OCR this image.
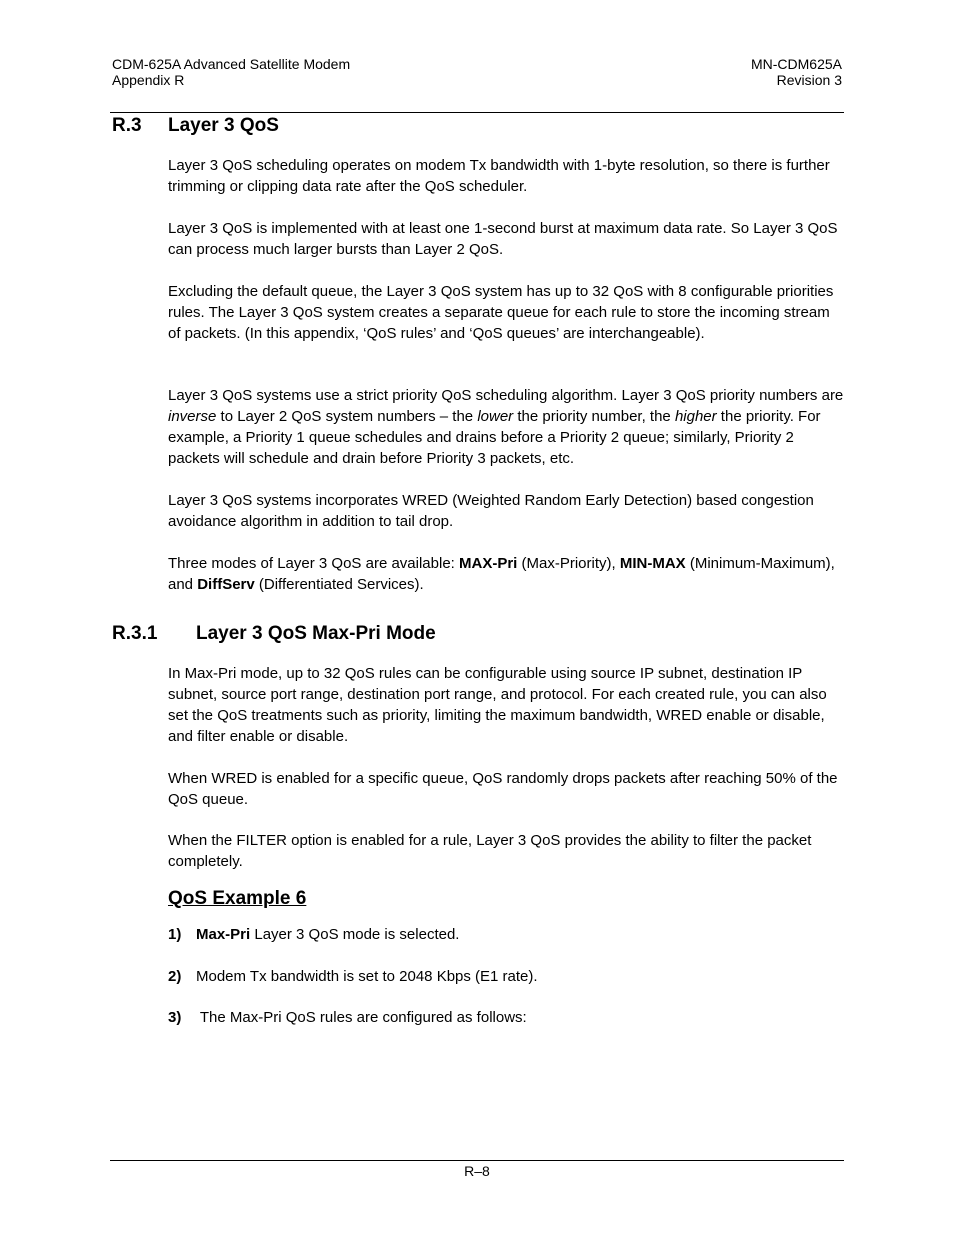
CDM-625A Advanced Satellite Modem
Appendix R
MN-CDM625A
Revision 3
R.3 Layer 3 QoS

Layer 3 QoS scheduling operates on modem Tx bandwidth with 1-byte resolution, so there is further trimming or clipping data rate after the QoS scheduler.

Layer 3 QoS is implemented with at least one 1-second burst at maximum data rate. So Layer 3 QoS can process much larger bursts than Layer 2 QoS.

Excluding the default queue, the Layer 3 QoS system has up to 32 QoS with 8 configurable priorities rules. The Layer 3 QoS system creates a separate queue for each rule to store the incoming stream of packets. (In this appendix, ‘QoS rules’ and ‘QoS queues’ are interchangeable).

Layer 3 QoS systems use a strict priority QoS scheduling algorithm. Layer 3 QoS priority numbers are inverse to Layer 2 QoS system numbers – the lower the priority number, the higher the priority. For example, a Priority 1 queue schedules and drains before a Priority 2 queue; similarly, Priority 2 packets will schedule and drain before Priority 3 packets, etc.

Layer 3 QoS systems incorporates WRED (Weighted Random Early Detection) based congestion avoidance algorithm in addition to tail drop.

Three modes of Layer 3 QoS are available: MAX-Pri (Max-Priority), MIN-MAX (Minimum-Maximum), and DiffServ (Differentiated Services).

R.3.1 Layer 3 QoS Max-Pri Mode

In Max-Pri mode, up to 32 QoS rules can be configurable using source IP subnet, destination IP subnet, source port range, destination port range, and protocol. For each created rule, you can also set the QoS treatments such as priority, limiting the maximum bandwidth, WRED enable or disable, and filter enable or disable.

When WRED is enabled for a specific queue, QoS randomly drops packets after reaching 50% of the QoS queue.

When the FILTER option is enabled for a rule, Layer 3 QoS provides the ability to filter the packet completely.

QoS Example 6
1) Max-Pri Layer 3 QoS mode is selected.
2) Modem Tx bandwidth is set to 2048 Kbps (E1 rate).
3) The Max-Pri QoS rules are configured as follows:
R–8
